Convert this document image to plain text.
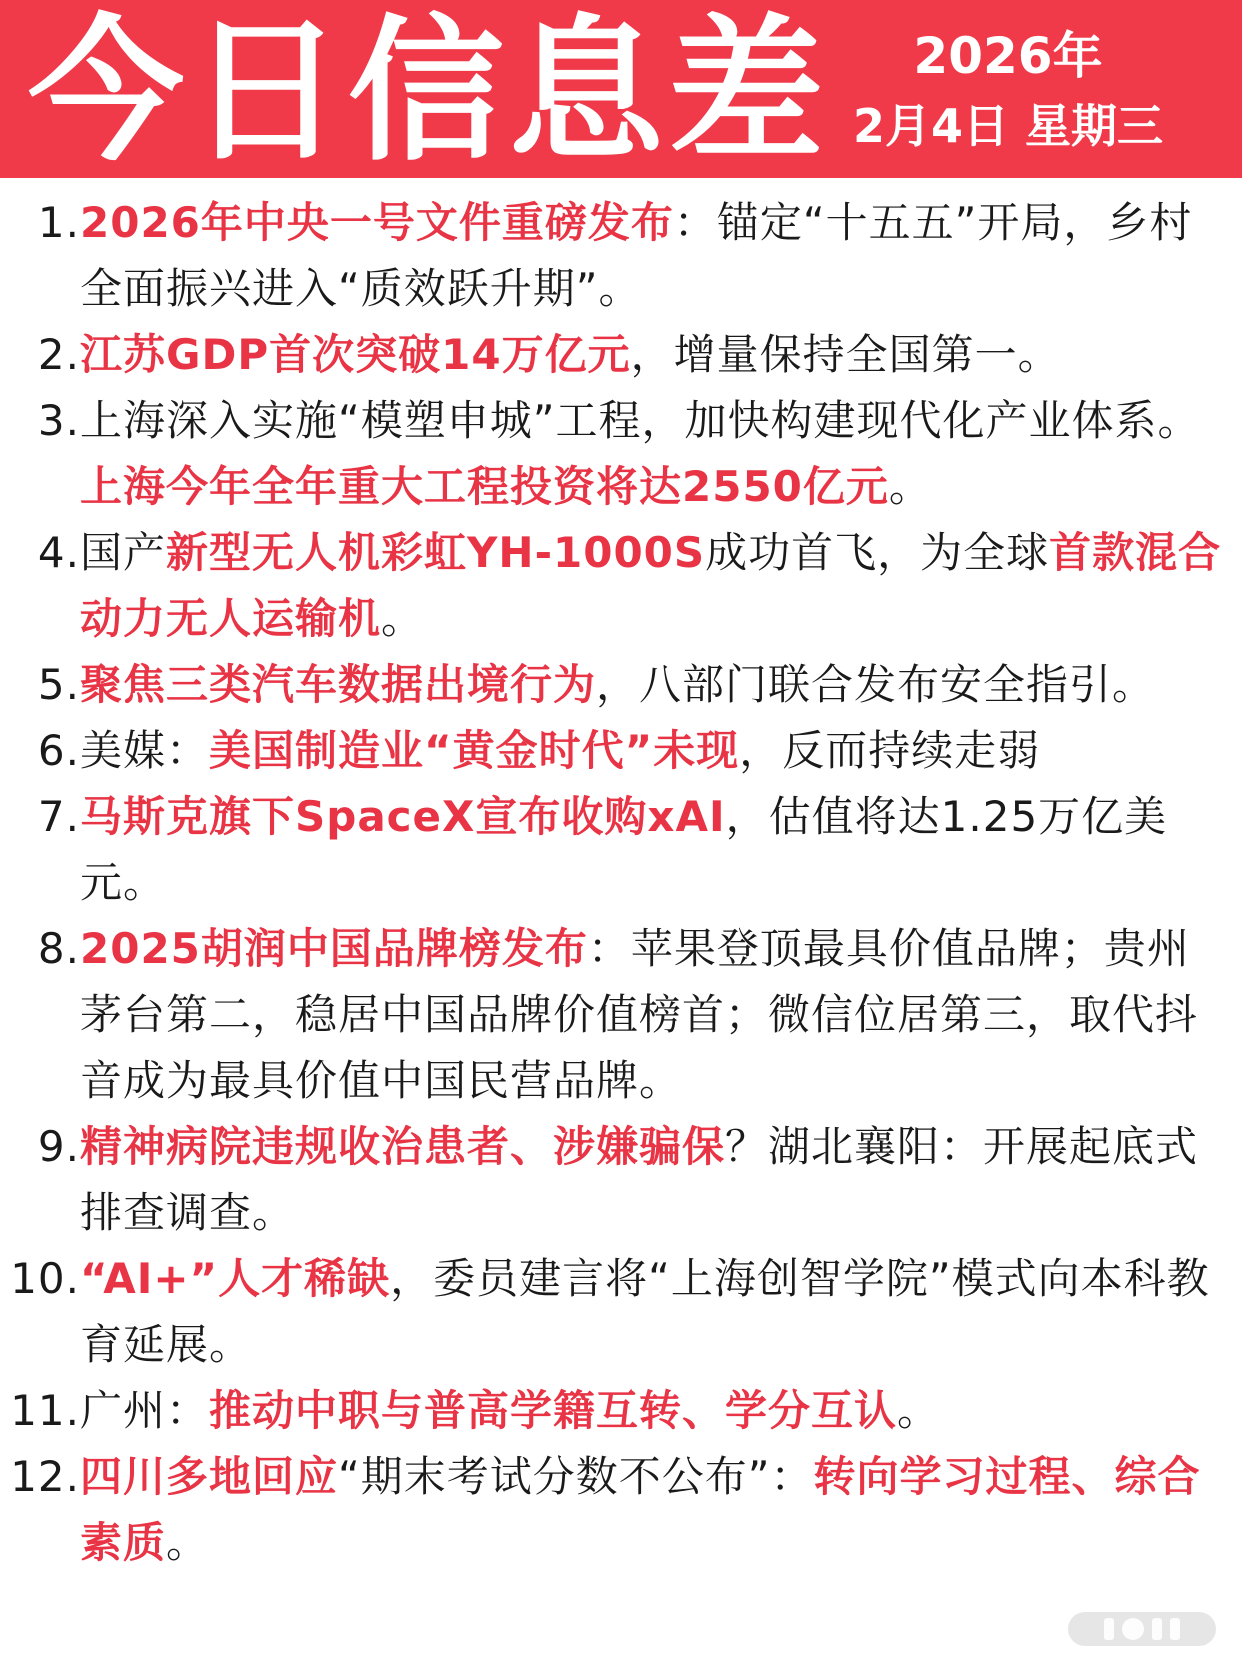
今日信息差	2026年
2月4日 星期三
1. 2026年中央一号文件重磅发布：锚定“十五五”开局，乡村全面振兴进入“质效跃升期”。
2. 江苏GDP首次突破14万亿元，增量保持全国第一。
3. 上海深入实施“模塑申城”工程，加快构建现代化产业体系。上海今年全年重大工程投资将达2550亿元。
4. 国产新型无人机彩虹YH-1000S成功首飞，为全球首款混合动力无人运输机。
5. 聚焦三类汽车数据出境行为，八部门联合发布安全指引。
6. 美媒：美国制造业“黄金时代”未现，反而持续走弱
7. 马斯克旗下SpaceX宣布收购xAI，估值将达1.25万亿美元。
8. 2025胡润中国品牌榜发布：苹果登顶最具价值品牌；贵州茅台第二，稳居中国品牌价值榜首；微信位居第三，取代抖音成为最具价值中国民营品牌。
9. 精神病院违规收治患者、涉嫌骗保？湖北襄阳：开展起底式排查调查。
10. “AI+”人才稀缺，委员建言将“上海创智学院”模式向本科教育延展。
11. 广州：推动中职与普高学籍互转、学分互认。
12. 四川多地回应“期末考试分数不公布”：转向学习过程、综合素质。
